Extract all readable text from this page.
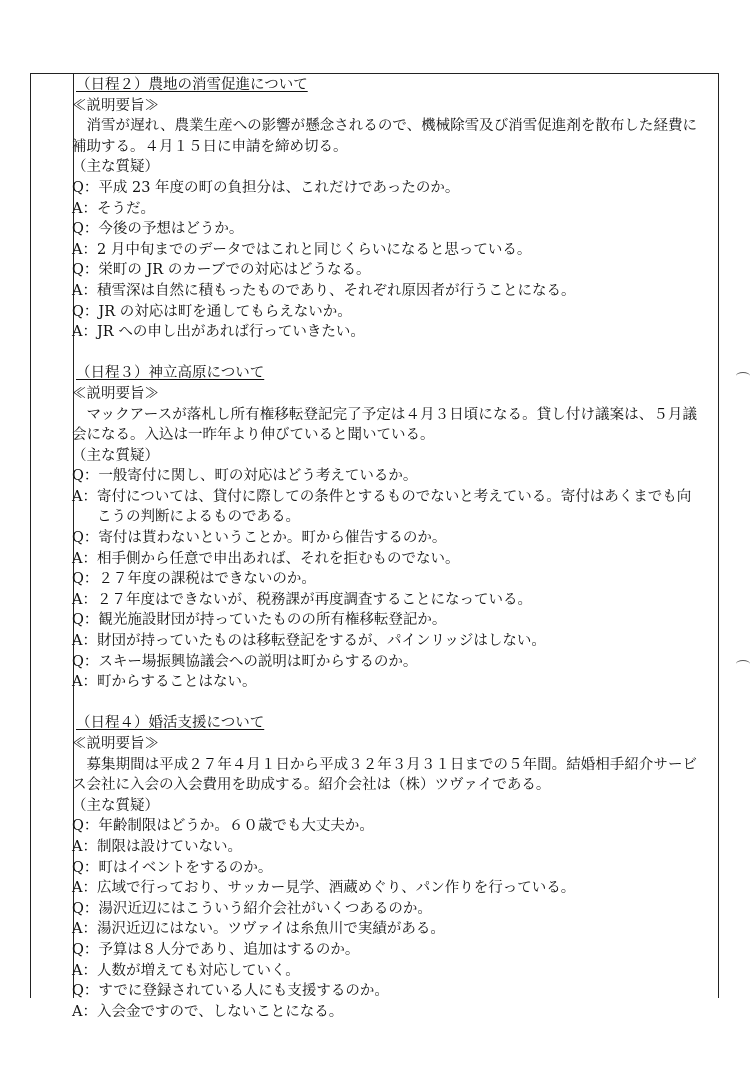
（日程２）農地の消雪促進について
≪説明要旨≫
消雪が遅れ、農業生産への影響が懸念されるので、機械除雪及び消雪促進剤を散布した経費に補助する。４月１５日に申請を締め切る。
（主な質疑）
Q： 平成 23 年度の町の負担分は、これだけであったのか。
A： そうだ。
Q： 今後の予想はどうか。
A： 2 月中旬までのデータではこれと同じくらいになると思っている。
Q： 栄町の JR のカーブでの対応はどうなる。
A： 積雪深は自然に積もったものであり、それぞれ原因者が行うことになる。
Q： JR の対応は町を通してもらえないか。
A： JR への申し出があれば行っていきたい。
（日程３）神立高原について
≪説明要旨≫
マックアースが落札し所有権移転登記完了予定は４月３日頃になる。貸し付け議案は、５月議会になる。入込は一昨年より伸びていると聞いている。
（主な質疑）
Q： 一般寄付に関し、町の対応はどう考えているか。
A： 寄付については、貸付に際しての条件とするものでないと考えている。寄付はあくまでも向こうの判断によるものである。
Q： 寄付は貰わないということか。町から催告するのか。
A： 相手側から任意で申出あれば、それを拒むものでない。
Q： ２７年度の課税はできないのか。
A： ２７年度はできないが、税務課が再度調査することになっている。
Q： 観光施設財団が持っていたものの所有権移転登記か。
A： 財団が持っていたものは移転登記をするが、パインリッジはしない。
Q： スキー場振興協議会への説明は町からするのか。
A： 町からすることはない。
（日程４）婚活支援について
≪説明要旨≫
募集期間は平成２７年４月１日から平成３２年３月３１日までの５年間。結婚相手紹介サービス会社に入会の入会費用を助成する。紹介会社は（株）ツヴァイである。
（主な質疑）
Q： 年齢制限はどうか。６０歳でも大丈夫か。
A： 制限は設けていない。
Q： 町はイベントをするのか。
A： 広域で行っており、サッカー見学、酒蔵めぐり、パン作りを行っている。
Q： 湯沢近辺にはこういう紹介会社がいくつあるのか。
A： 湯沢近辺にはない。ツヴァイは糸魚川で実績がある。
Q： 予算は８人分であり、追加はするのか。
A： 人数が増えても対応していく。
Q： すでに登録されている人にも支援するのか。
A： 入会金ですので、しないことになる。
